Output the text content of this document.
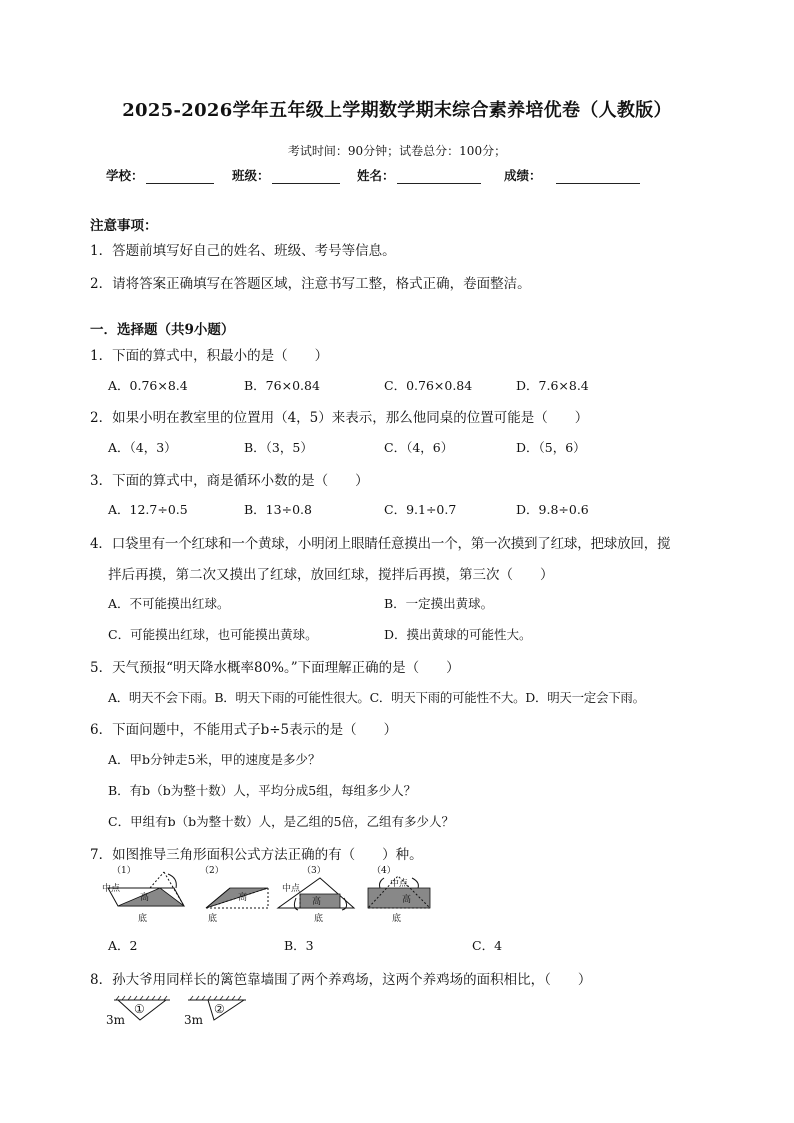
2025-2026学年五年级上学期数学期末综合素养培优卷（人教版）
考试时间：90分钟；试卷总分：100分；
学校：	班级：	姓名：	成绩：
注意事项：
1．答题前填写好自己的姓名、班级、考号等信息。
2．请将答案正确填写在答题区域，注意书写工整，格式正确，卷面整洁。
一．选择题（共9小题）
1．下面的算式中，积最小的是（　　）
A．0.76×8.4	B．76×0.84	C．0.76×0.84	D．7.6×8.4
2．如果小明在教室里的位置用（4，5）来表示，那么他同桌的位置可能是（　　）
A．（4，3）	B．（3，5）	C．（4，6）	D．（5，6）
3．下面的算式中，商是循环小数的是（　　）
A．12.7÷0.5	B．13÷0.8	C．9.1÷0.7	D．9.8÷0.6
4．口袋里有一个红球和一个黄球，小明闭上眼睛任意摸出一个，第一次摸到了红球，把球放回，搅
拌后再摸，第二次又摸出了红球，放回红球，搅拌后再摸，第三次（　　）
A．不可能摸出红球。	B．一定摸出黄球。
C．可能摸出红球，也可能摸出黄球。	D．摸出黄球的可能性大。
5．天气预报“明天降水概率80%。”下面理解正确的是（　　）
A．明天不会下雨。B．明天下雨的可能性很大。C．明天下雨的可能性不大。D．明天一定会下雨。
6．下面问题中，不能用式子b÷5表示的是（　　）
A．甲b分钟走5米，甲的速度是多少？
B．有b（b为整十数）人，平均分成5组，每组多少人？
C．甲组有b（b为整十数）人，是乙组的5倍，乙组有多少人？
7．如图推导三角形面积公式方法正确的有（　　）种。
（1）
中点
高
底
（2）
高
底
（3）
中点
高
底
（4）
中点
高
底
A．2	B．3	C．4
8．孙大爷用同样长的篱笆靠墙围了两个养鸡场，这两个养鸡场的面积相比，（　　）
3m
①
3m
②
